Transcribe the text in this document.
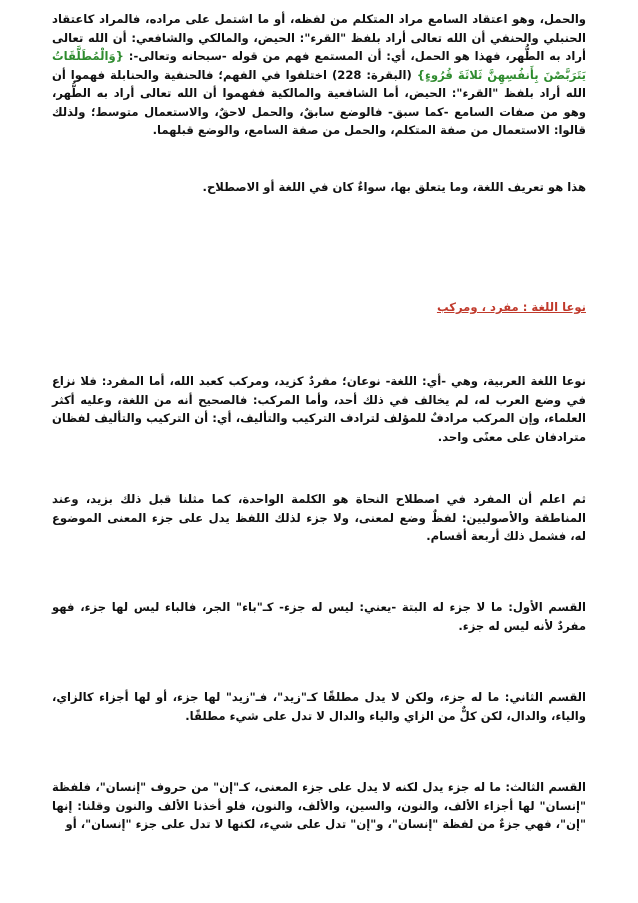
والحمل، وهو اعتقاد السامع مراد المتكلم من لفظه، أو ما اشتمل على مراده، فالمراد كاعتقاد الحنبلي والحنفي أن الله تعالى أراد بلفظ "القرء": الحيض، والمالكي والشافعي: أن الله تعالى أراد به الطُّهر، فهذا هو الحمل، أي: أن المستمع فهم من قوله -سبحانه وتعالى-: {وَالْمُطَلَّقَاتُ يَتَرَبَّصْنَ بِأَنفُسِهِنَّ ثَلاثَةَ قُرُوءٍ} (البقرة: 228) اختلفوا في الفهم؛ فالحنفية والحنابلة فهموا أن الله أراد بلفظ "القرء": الحيض، أما الشافعية والمالكية ففهموا أن الله تعالى أراد به الطُّهر، وهو من صفات السامع -كما سبق- فالوضع سابقٌ، والحمل لاحقٌ، والاستعمال متوسط؛ ولذلك قالوا: الاستعمال من صفة المتكلم، والحمل من صفة السامع، والوضع قبلهما.

هذا هو تعريف اللغة، وما يتعلق بها، سواءٌ كان في اللغة أو الاصطلاح.

نوعا اللغة : مفرد ، ومركب

نوعا اللغة العربية، وهي -أي: اللغة- نوعان؛ مفردٌ كزيد، ومركب كعبد الله، أما المفرد: فلا نزاع في وضع العرب له، لم يخالف في ذلك أحد، وأما المركب: فالصحيح أنه من اللغة، وعليه أكثر العلماء، وإن المركب مرادفٌ للمؤلف لترادف التركيب والتأليف، أي: أن التركيب والتأليف لفظان مترادفان على معنًى واحد.

ثم اعلم أن المفرد في اصطلاح النحاة هو الكلمة الواحدة، كما مثلنا قبل ذلك بزيد، وعند المناطقة والأصوليين: لفظٌ وضع لمعنى، ولا جزء لذلك اللفظ يدل على جزء المعنى الموضوع له، فشمل ذلك أربعة أقسام.

القسم الأول: ما لا جزء له البتة -يعني: ليس له جزء- كـ"باء" الجر، فالباء ليس لها جزء، فهو مفردٌ لأنه ليس له جزء.

القسم الثاني: ما له جزء، ولكن لا يدل مطلقًا كـ"زيد"، فـ"زيد" لها جزء، أو لها أجزاء كالزاي، والياء، والدال، لكن كلٌّ من الزاي والياء والدال لا تدل على شيء مطلقًا.

القسم الثالث: ما له جزء يدل لكنه لا يدل على جزء المعنى، كـ"إن" من حروف "إنسان"، فلفظة "إنسان" لها أجزاء الألف، والنون، والسين، والألف، والنون، فلو أخذنا الألف والنون وقلنا: إنها "إن"، فهي جزءٌ من لفظة "إنسان"، و"إن" تدل على شيء، لكنها لا تدل على جزء "إنسان"، أو
